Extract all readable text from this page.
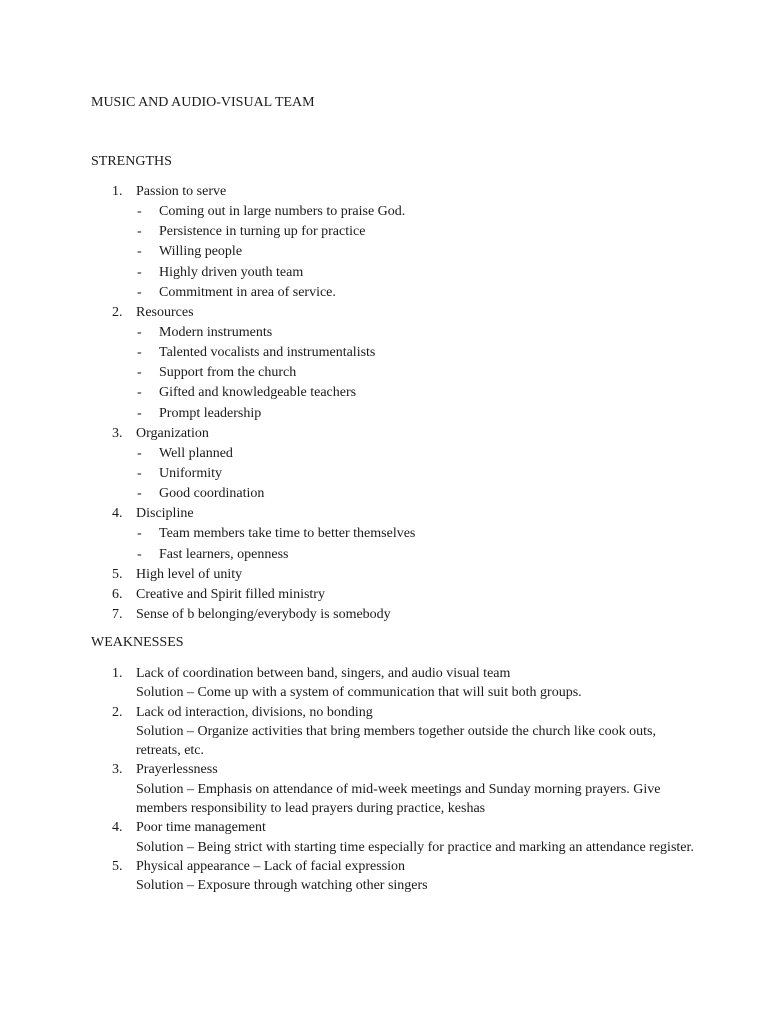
MUSIC AND AUDIO-VISUAL TEAM
STRENGTHS
1. Passion to serve
-	Coming out in large numbers to praise God.
-	Persistence in turning up for practice
-	Willing people
-	Highly driven youth team
-	Commitment in area of service.
2. Resources
-	Modern instruments
-	Talented vocalists and instrumentalists
-	Support from the church
-	Gifted and knowledgeable teachers
-	Prompt leadership
3. Organization
-	Well planned
-	Uniformity
-	Good coordination
4. Discipline
-	Team members take time to better themselves
-	Fast learners, openness
5. High level of unity
6. Creative and Spirit filled ministry
7. Sense of b belonging/everybody is somebody
WEAKNESSES
1. Lack of coordination between band, singers, and audio visual team
Solution – Come up with a system of communication that will suit both groups.
2. Lack od interaction, divisions, no bonding
Solution – Organize activities that bring members together outside the church like cook outs, retreats, etc.
3. Prayerlessness
Solution – Emphasis on attendance of mid-week meetings and Sunday morning prayers. Give members responsibility to lead prayers during practice, keshas
4. Poor time management
Solution – Being strict with starting time especially for practice and marking an attendance register.
5. Physical appearance – Lack of facial expression
Solution – Exposure through watching other singers
